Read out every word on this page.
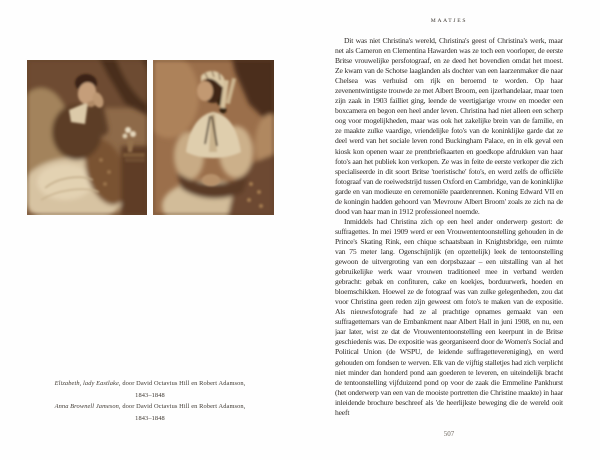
Elizabeth, lady Eastlake, door David Octavius Hill en Robert Adamson,
1843–1848
Anna Brownell Jameson, door David Octavius Hill en Robert Adamson,
1843–1848
MAATJES

Dit was niet Christina's wereld, Christina's geest of Christina's werk, maar net als Cameron en Clementina Hawarden was ze toch een voorloper, de eerste Britse vrouwelijke persfotograaf, en ze deed het bovendien omdat het moest. Ze kwam van de Schotse laaglanden als dochter van een laarzenmaker die naar Chelsea was verhuisd om rijk en beroemd te worden. Op haar zevenentwintigste trouwde ze met Albert Broom, een ijzerhandelaar, maar toen zijn zaak in 1903 failliet ging, leende de veertigjarige vrouw en moeder een boxcamera en begon een heel ander leven. Christina had niet alleen een scherp oog voor mogelijkheden, maar was ook het zakelijke brein van de familie, en ze maakte zulke vaardige, vriendelijke foto's van de koninklijke garde dat ze deel werd van het sociale leven rond Buckingham Palace, en in elk geval een kiosk kon openen waar ze prentbriefkaarten en goedkope afdrukken van haar foto's aan het publiek kon verkopen. Ze was in feite de eerste verkoper die zich specialiseerde in dit soort Britse 'toeristische' foto's, en werd zelfs de officiële fotograaf van de roeiwedstrijd tussen Oxford en Cambridge, van de koninklijke garde en van modieuze en ceremoniële paardenrennen. Koning Edward VII en de koningin hadden gehoord van 'Mevrouw Albert Broom' zoals ze zich na de dood van haar man in 1912 professioneel noemde.

Inmiddels had Christina zich op een heel ander onderwerp gestort: de suffragettes. In mei 1909 werd er een Vrouwententoonstelling gehouden in de Prince's Skating Rink, een chique schaatsbaan in Knightsbridge, een ruimte van 75 meter lang. Ogenschijnlijk (en opzettelijk) leek de tentoonstelling gewoon de uitvergroting van een dorpsbazaar – een uitstalling van al het gebruikelijke werk waar vrouwen traditioneel mee in verband werden gebracht: gebak en confituren, cake en koekjes, borduurwerk, hoeden en bloemschikken. Hoewel ze de fotograaf was van zulke gelegenheden, zou dat voor Christina geen reden zijn geweest om foto's te maken van de expositie. Als nieuwsfotografe had ze al prachtige opnames gemaakt van een suffragettemars van de Embankment naar Albert Hall in juni 1908, en nu, een jaar later, wist ze dat de Vrouwententoonstelling een keerpunt in de Britse geschiedenis was. De expositie was georganiseerd door de Women's Social and Political Union (de WSPU, de leidende suffragettevereniging), en werd gehouden om fondsen te werven. Elk van de vijftig stalletjes had zich verplicht niet minder dan honderd pond aan goederen te leveren, en uiteindelijk bracht de tentoonstelling vijfduizend pond op voor de zaak die Emmeline Pankhurst (het onderwerp van een van de mooiste portretten die Christine maakte) in haar inleidende brochure beschreef als 'de heerlijkste beweging die de wereld ooit heeft

507
